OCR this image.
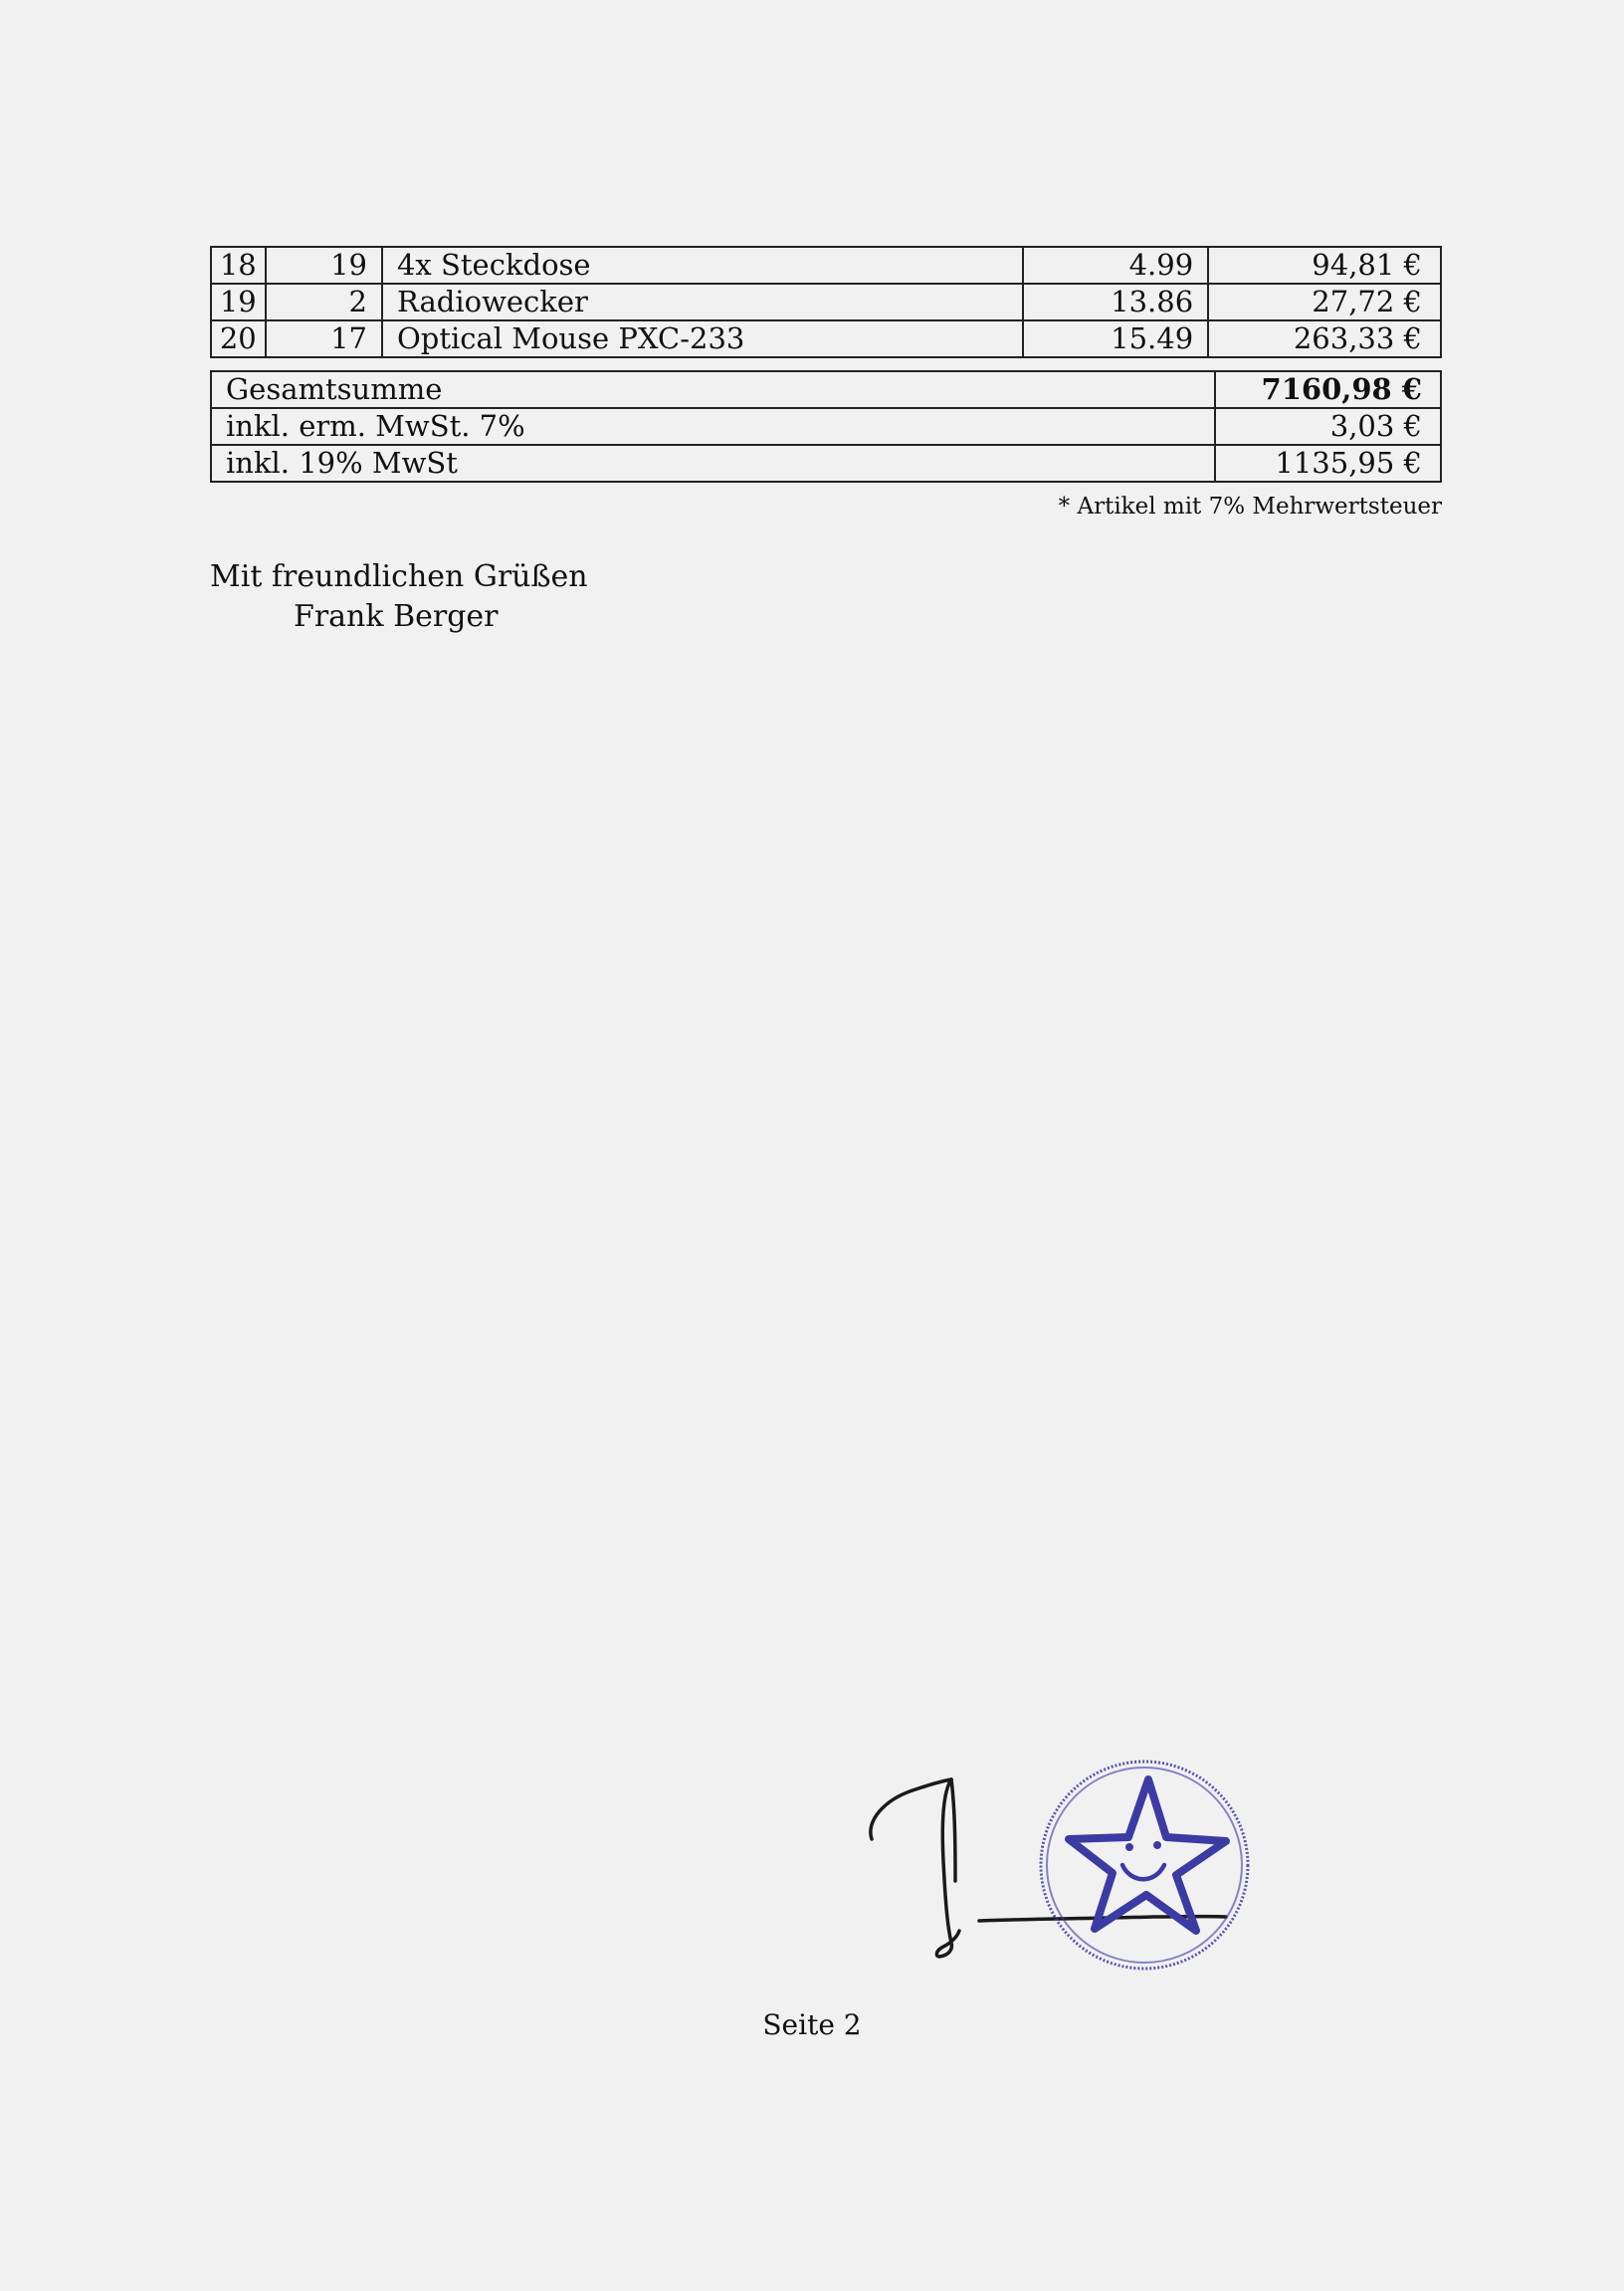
18	19	4x Steckdose	4.99	94,81 €
19	2	Radiowecker	13.86	27,72 €
20	17	Optical Mouse PXC-233	15.49	263,33 €
Gesamtsumme	7160,98 €
inkl. erm. MwSt. 7%	3,03 €
inkl. 19% MwSt	1135,95 €
* Artikel mit 7% Mehrwertsteuer
Mit freundlichen Grüßen
Frank Berger
Seite 2
